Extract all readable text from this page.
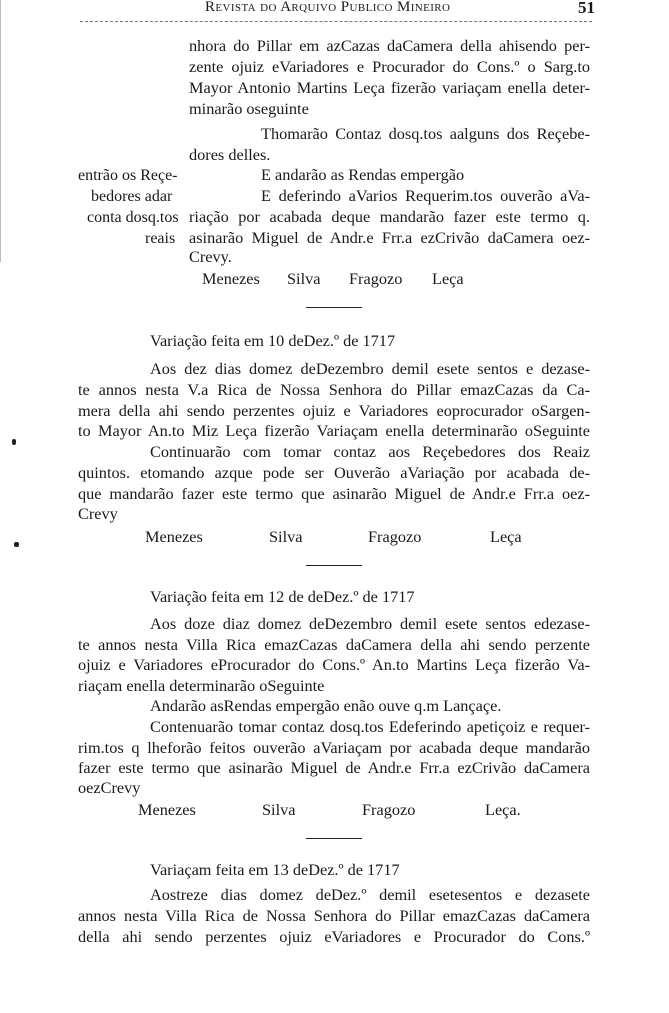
Revista do Arquivo Publico Mineiro	51
nhora do Pillar em azCazas daCamera della ahisendo per-
zente ojuiz eVariadores e Procurador do Cons.º o Sarg.to
Mayor Antonio Martins Leça fizerão variaçam enella deter-
minarão oseguinte
Thomarão Contaz dosq.tos aalguns dos Reçebe-
dores delles.
E andarão as Rendas empergão
E deferindo aVarios Requerim.tos ouverão aVa-
riação por acabada deque mandarão fazer este termo q.
asinarão Miguel de Andr.e Frr.a ezCrivão daCamera oez-
Crevy.
entrão os Reçe-
bedores adar
conta dosq.tos
reais
Menezes Silva Fragozo Leça
Variação feita em 10 deDez.º de 1717
Aos dez dias domez deDezembro demil esete sentos e dezase-
te annos nesta V.a Rica de Nossa Senhora do Pillar emazCazas da Ca-
mera della ahi sendo perzentes ojuiz e Variadores eoprocurador oSargen-
to Mayor An.to Miz Leça fizerão Variaçam enella determinarão oSeguinte
Continuarão com tomar contaz aos Reçebedores dos Reaiz
quintos. etomando azque pode ser Ouverão aVariação por acabada de-
que mandarão fazer este termo que asinarão Miguel de Andr.e Frr.a oez-
Crevy
Menezes	Silva	Fragozo	Leça
Variação feita em 12 de deDez.º de 1717
Aos doze diaz domez deDezembro demil esete sentos edezase-
te annos nesta Villa Rica emazCazas daCamera della ahi sendo perzente
ojuiz e Variadores eProcurador do Cons.º An.to Martins Leça fizerão Va-
riaçam enella determinarão oSeguinte
Andarão asRendas empergão enão ouve q.m Lançaçe.
Contenuarão tomar contaz dosq.tos Edeferindo apetiçoiz e requer-
rim.tos q lheforão feitos ouverão aVariaçam por acabada deque mandarão
fazer este termo que asinarão Miguel de Andr.e Frr.a ezCrivão daCamera
oezCrevy
Menezes	Silva	Fragozo	Leça.
Variaçam feita em 13 deDez.º de 1717
Aostreze dias domez deDez.º demil esetesentos e dezasete
annos nesta Villa Rica de Nossa Senhora do Pillar emazCazas daCamera
della ahi sendo perzentes ojuiz eVariadores e Procurador do Cons.º
